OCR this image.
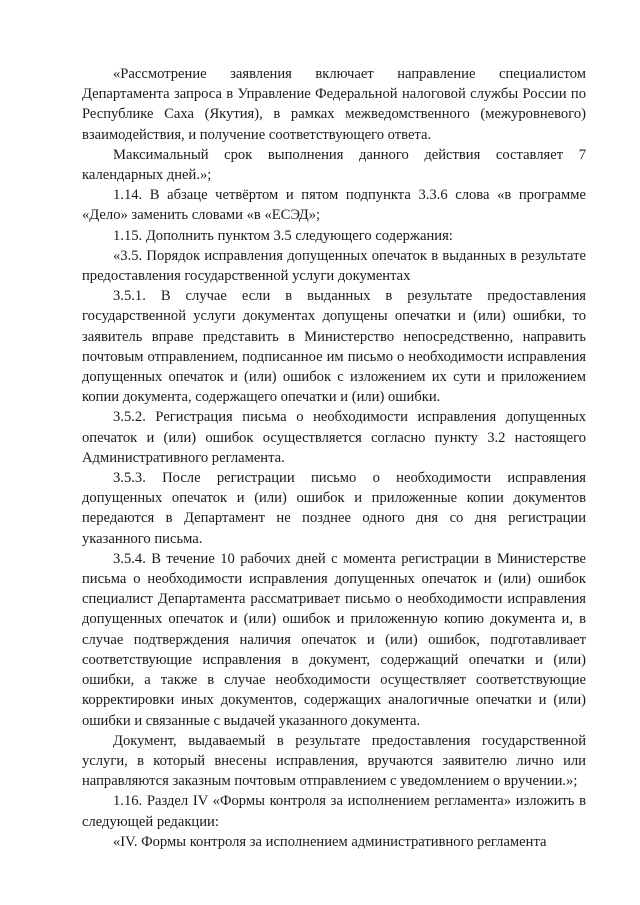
«Рассмотрение заявления включает направление специалистом Департамента запроса в Управление Федеральной налоговой службы России по Республике Саха (Якутия), в рамках межведомственного (межуровневого) взаимодействия, и получение соответствующего ответа.

Максимальный срок выполнения данного действия составляет 7 календарных дней.»;

1.14. В абзаце четвёртом и пятом подпункта 3.3.6 слова «в программе «Дело» заменить словами «в «ЕСЭД»;

1.15. Дополнить пунктом 3.5 следующего содержания:

«3.5. Порядок исправления допущенных опечаток в выданных в результате предоставления государственной услуги документах

3.5.1. В случае если в выданных в результате предоставления государственной услуги документах допущены опечатки и (или) ошибки, то заявитель вправе представить в Министерство непосредственно, направить почтовым отправлением, подписанное им письмо о необходимости исправления допущенных опечаток и (или) ошибок с изложением их сути и приложением копии документа, содержащего опечатки и (или) ошибки.

3.5.2. Регистрация письма о необходимости исправления допущенных опечаток и (или) ошибок осуществляется согласно пункту 3.2 настоящего Административного регламента.

3.5.3. После регистрации письмо о необходимости исправления допущенных опечаток и (или) ошибок и приложенные копии документов передаются в Департамент не позднее одного дня со дня регистрации указанного письма.

3.5.4. В течение 10 рабочих дней с момента регистрации в Министерстве письма о необходимости исправления допущенных опечаток и (или) ошибок специалист Департамента рассматривает письмо о необходимости исправления допущенных опечаток и (или) ошибок и приложенную копию документа и, в случае подтверждения наличия опечаток и (или) ошибок, подготавливает соответствующие исправления в документ, содержащий опечатки и (или) ошибки, а также в случае необходимости осуществляет соответствующие корректировки иных документов, содержащих аналогичные опечатки и (или) ошибки и связанные с выдачей указанного документа.

Документ, выдаваемый в результате предоставления государственной услуги, в который внесены исправления, вручаются заявителю лично или направляются заказным почтовым отправлением с уведомлением о вручении.»;

1.16. Раздел IV «Формы контроля за исполнением регламента» изложить в следующей редакции:

«IV. Формы контроля за исполнением административного регламента
